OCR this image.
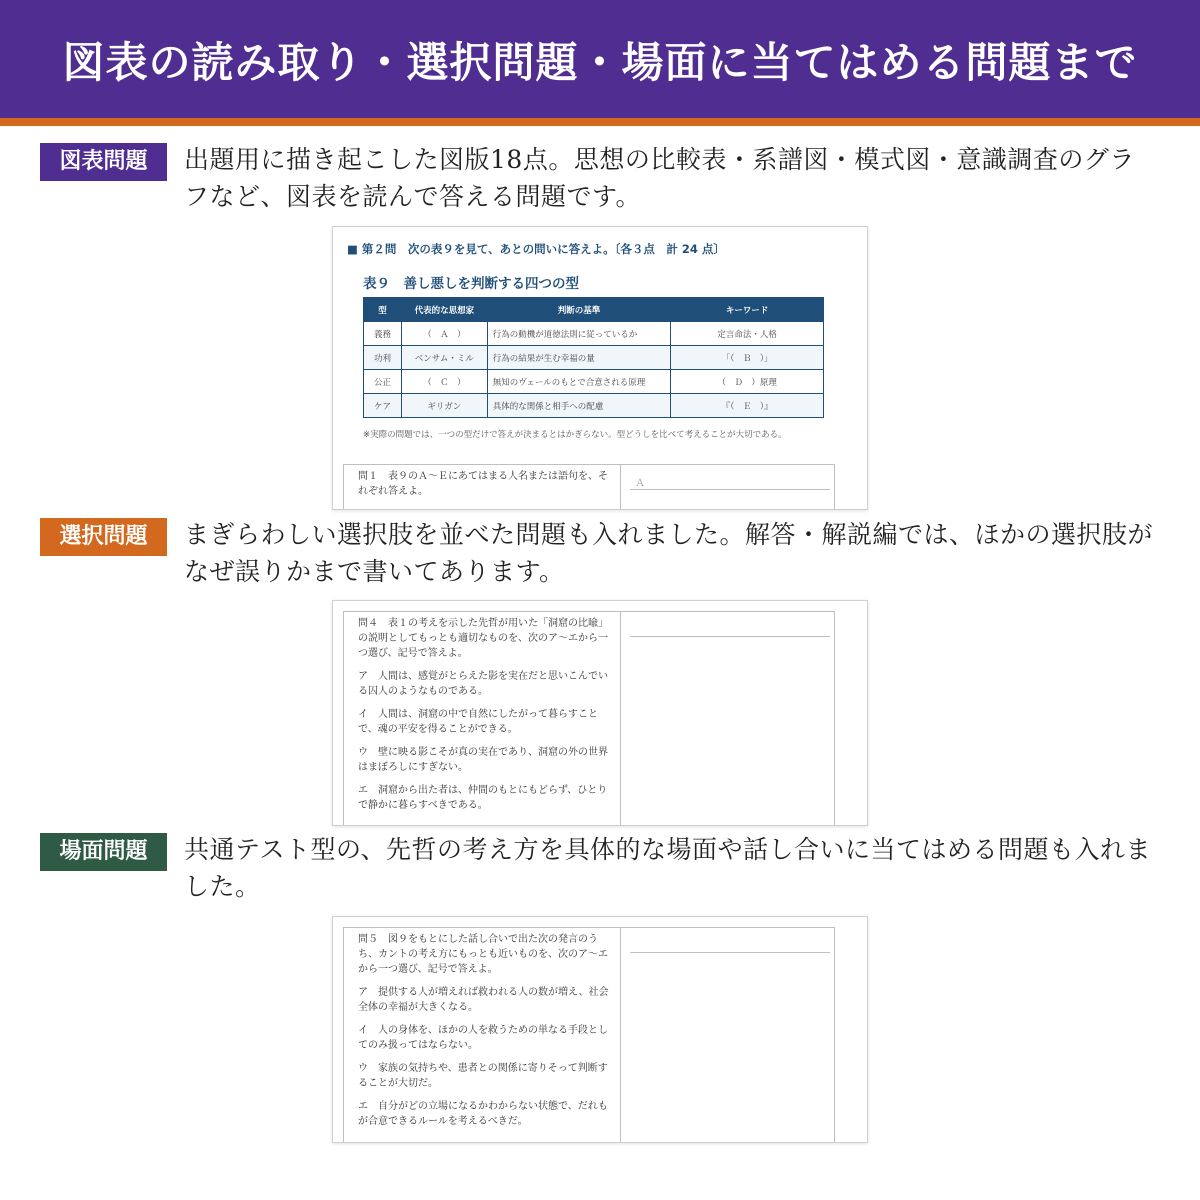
図表の読み取り・選択問題・場面に当てはめる問題まで
図表問題	出題用に描き起こした図版18点。思想の比較表・系譜図・模式図・意識調査のグラフなど、図表を読んで答える問題です。
■ 第２問　次の表９を見て、あとの問いに答えよ。〔各３点　計 24 点〕
表９　善し悪しを判断する四つの型
型	代表的な思想家	判断の基準	キーワード
義務	（　Ａ　）	行為の動機が道徳法則に従っているか	定言命法・人格
功利	ベンサム・ミル	行為の結果が生む幸福の量	「（　Ｂ　）」
公正	（　Ｃ　）	無知のヴェールのもとで合意される原理	（　Ｄ　）原理
ケア	ギリガン	具体的な関係と相手への配慮	『（　Ｅ　）』
※実際の問題では、一つの型だけで答えが決まるとはかぎらない。型どうしを比べて考えることが大切である。
問１　表９のＡ〜Ｅにあてはまる人名または語句を、それぞれ答えよ。
Ａ
選択問題	まぎらわしい選択肢を並べた問題も入れました。解答・解説編では、ほかの選択肢がなぜ誤りかまで書いてあります。
問４　表１の考えを示した先哲が用いた「洞窟の比喩」の説明としてもっとも適切なものを、次のア〜エから一つ選び、記号で答えよ。
ア　人間は、感覚がとらえた影を実在だと思いこんでいる囚人のようなものである。
イ　人間は、洞窟の中で自然にしたがって暮らすことで、魂の平安を得ることができる。
ウ　壁に映る影こそが真の実在であり、洞窟の外の世界はまぼろしにすぎない。
エ　洞窟から出た者は、仲間のもとにもどらず、ひとりで静かに暮らすべきである。
場面問題	共通テスト型の、先哲の考え方を具体的な場面や話し合いに当てはめる問題も入れました。
問５　図９をもとにした話し合いで出た次の発言のうち、カントの考え方にもっとも近いものを、次のア〜エから一つ選び、記号で答えよ。
ア　提供する人が増えれば救われる人の数が増え、社会全体の幸福が大きくなる。
イ　人の身体を、ほかの人を救うための単なる手段としてのみ扱ってはならない。
ウ　家族の気持ちや、患者との関係に寄りそって判断することが大切だ。
エ　自分がどの立場になるかわからない状態で、だれもが合意できるルールを考えるべきだ。
